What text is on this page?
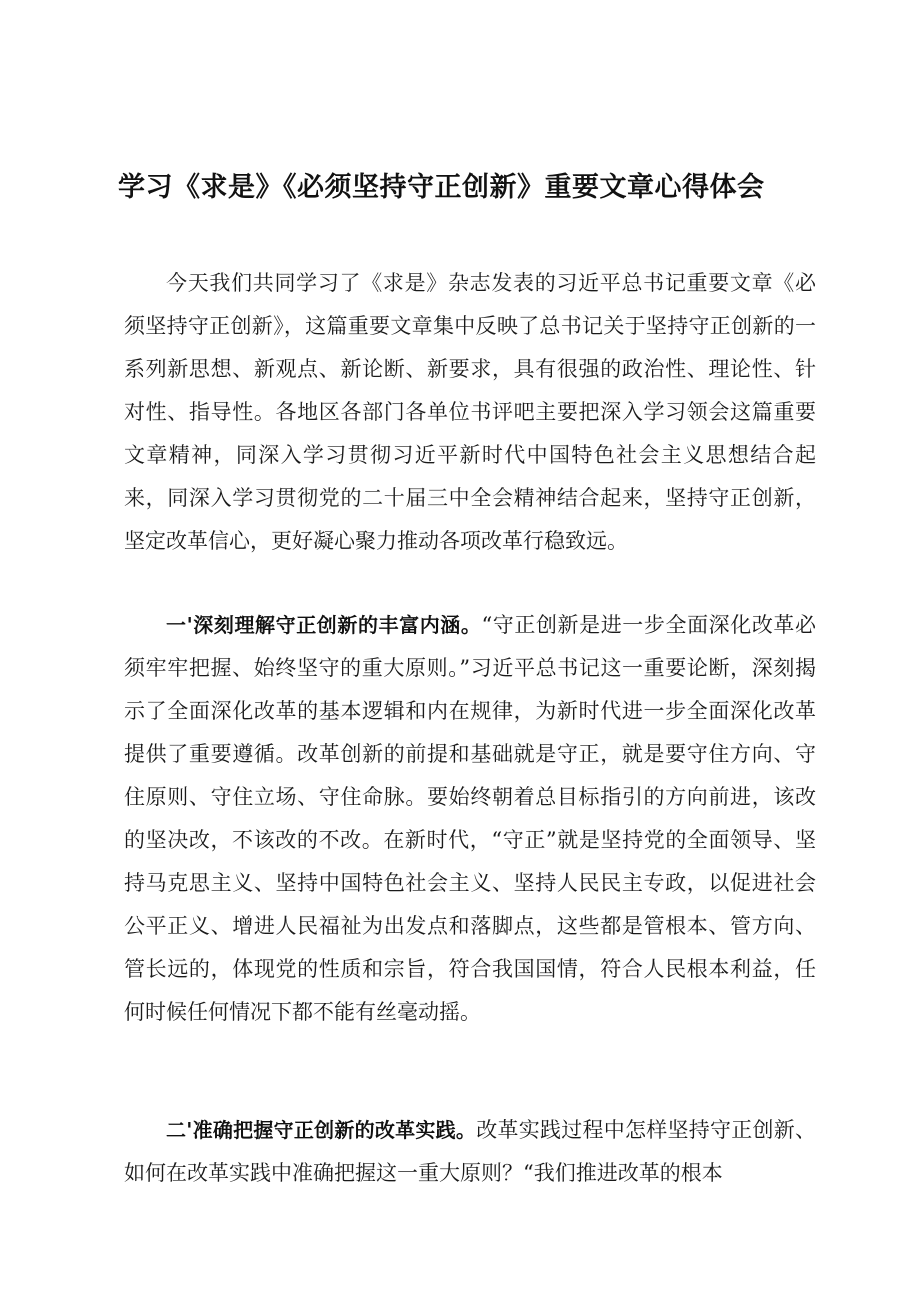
学习《求是》《必须坚持守正创新》重要文章心得体会

今天我们共同学习了《求是》杂志发表的习近平总书记重要文章《必须坚持守正创新》，这篇重要文章集中反映了总书记关于坚持守正创新的一系列新思想、新观点、新论断、新要求，具有很强的政治性、理论性、针对性、指导性。各地区各部门各单位书评吧主要把深入学习领会这篇重要文章精神，同深入学习贯彻习近平新时代中国特色社会主义思想结合起来，同深入学习贯彻党的二十届三中全会精神结合起来，坚持守正创新，坚定改革信心，更好凝心聚力推动各项改革行稳致远。

一'深刻理解守正创新的丰富内涵。“守正创新是进一步全面深化改革必须牢牢把握、始终坚守的重大原则。”习近平总书记这一重要论断，深刻揭示了全面深化改革的基本逻辑和内在规律，为新时代进一步全面深化改革提供了重要遵循。改革创新的前提和基础就是守正，就是要守住方向、守住原则、守住立场、守住命脉。要始终朝着总目标指引的方向前进，该改的坚决改，不该改的不改。在新时代，“守正”就是坚持党的全面领导、坚持马克思主义、坚持中国特色社会主义、坚持人民民主专政，以促进社会公平正义、增进人民福祉为出发点和落脚点，这些都是管根本、管方向、管长远的，体现党的性质和宗旨，符合我国国情，符合人民根本利益，任何时候任何情况下都不能有丝毫动摇。

二'准确把握守正创新的改革实践。改革实践过程中怎样坚持守正创新、如何在改革实践中准确把握这一重大原则？“我们推进改革的根本
